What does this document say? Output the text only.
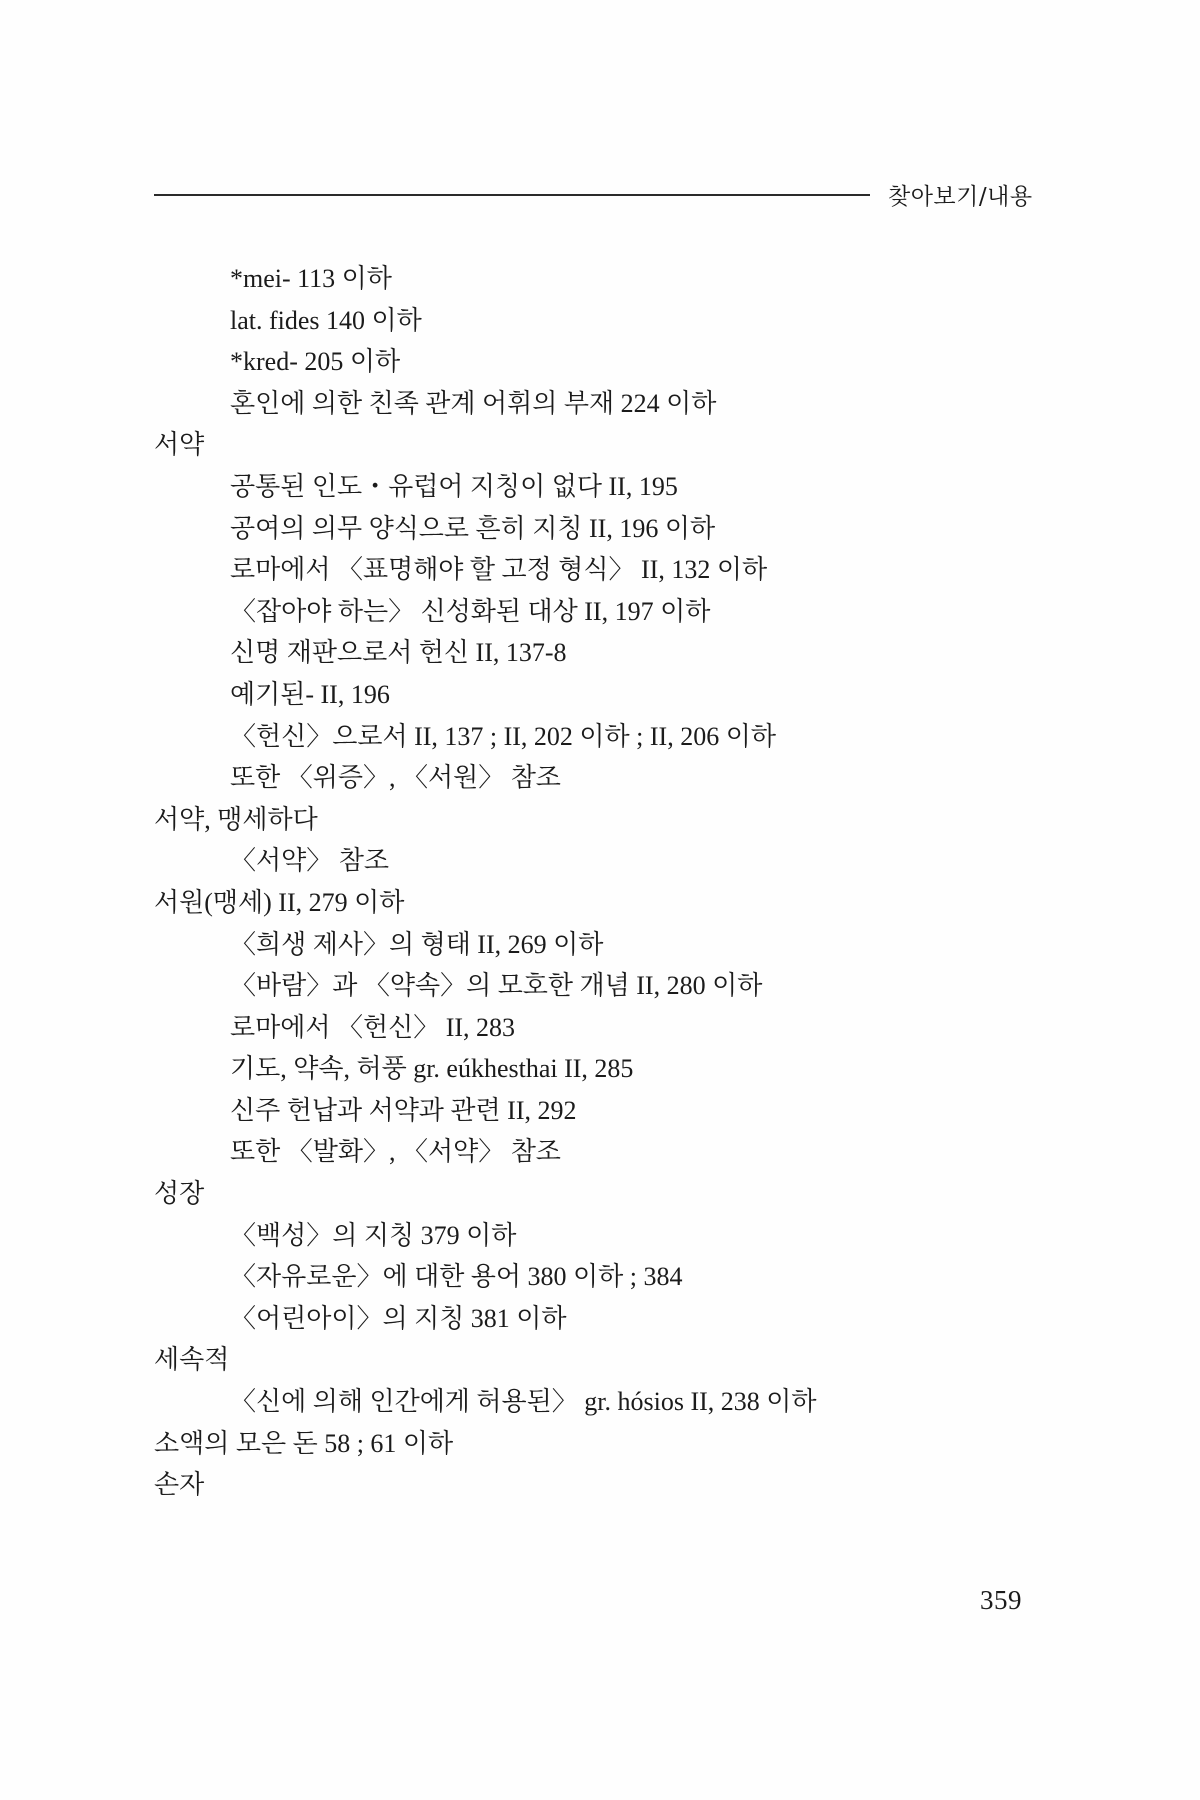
찾아보기/내용
*mei- 113 이하
lat. fides 140 이하
*kred- 205 이하
혼인에 의한 친족 관계 어휘의 부재 224 이하
서약
공통된 인도・유럽어 지칭이 없다 II, 195
공여의 의무 양식으로 흔히 지칭 II, 196 이하
로마에서 〈표명해야 할 고정 형식〉 II, 132 이하
〈잡아야 하는〉 신성화된 대상 II, 197 이하
신명 재판으로서 헌신 II, 137-8
예기된- II, 196
〈헌신〉으로서 II, 137 ; II, 202 이하 ; II, 206 이하
또한 〈위증〉, 〈서원〉 참조
서약, 맹세하다
〈서약〉 참조
서원(맹세) II, 279 이하
〈희생 제사〉의 형태 II, 269 이하
〈바람〉과 〈약속〉의 모호한 개념 II, 280 이하
로마에서 〈헌신〉 II, 283
기도, 약속, 허풍 gr. eúkhesthai II, 285
신주 헌납과 서약과 관련 II, 292
또한 〈발화〉, 〈서약〉 참조
성장
〈백성〉의 지칭 379 이하
〈자유로운〉에 대한 용어 380 이하 ; 384
〈어린아이〉의 지칭 381 이하
세속적
〈신에 의해 인간에게 허용된〉 gr. hósios II, 238 이하
소액의 모은 돈 58 ; 61 이하
손자
359
